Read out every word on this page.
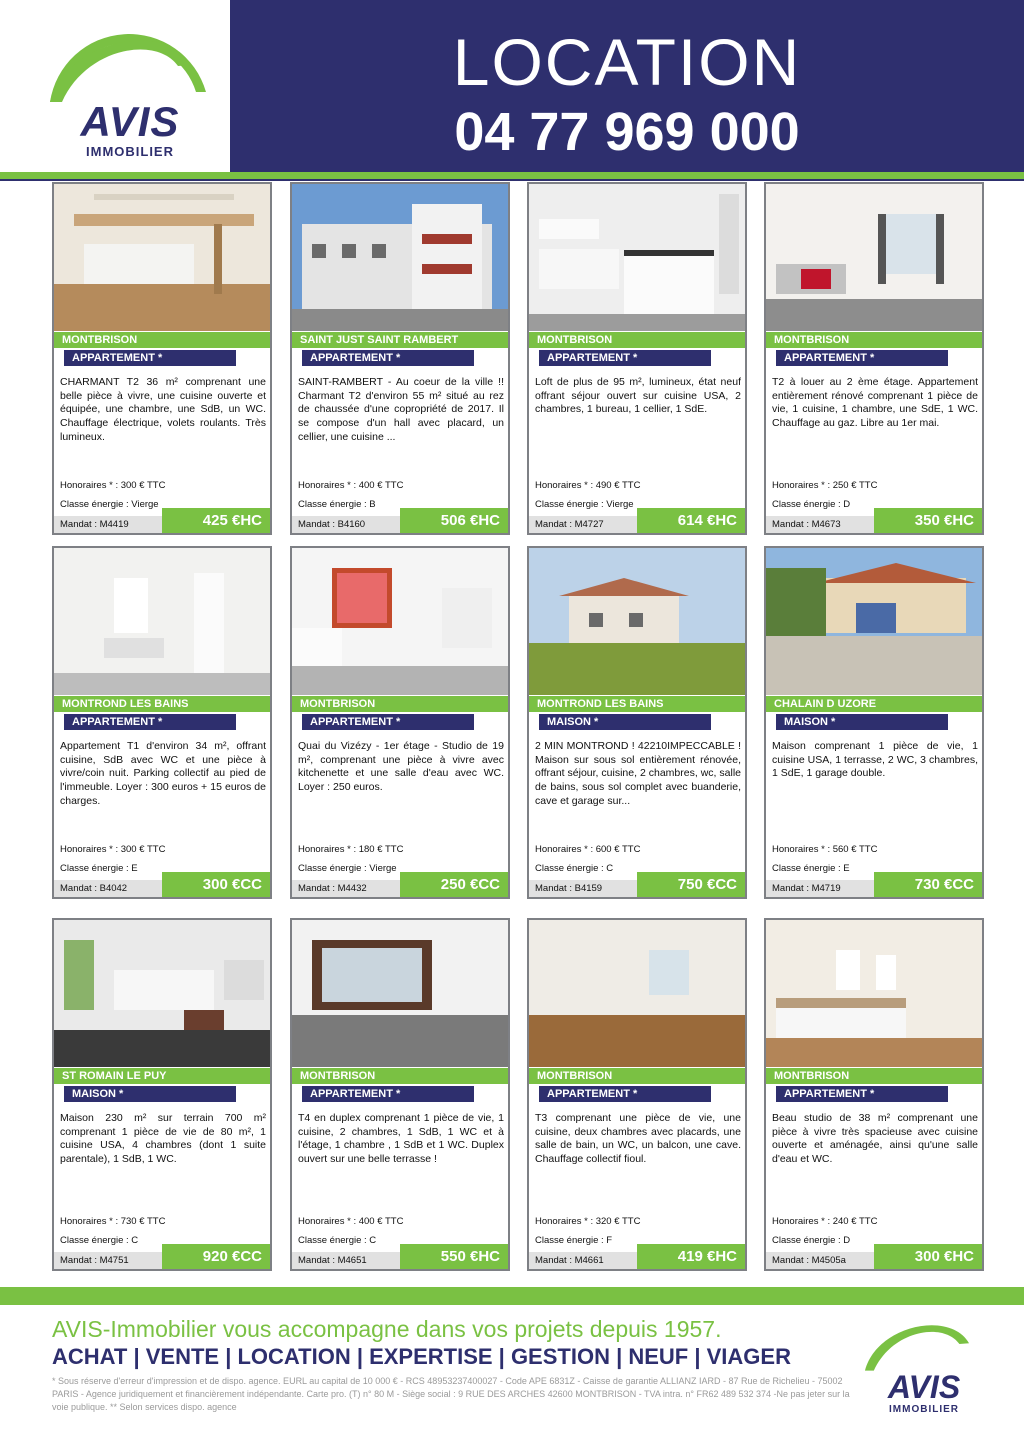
AVIS
IMMOBILIER
LOCATION
04 77 969 000
MONTBRISON
APPARTEMENT *
CHARMANT T2 36 m² comprenant une belle pièce à vivre, une cuisine ouverte et équipée, une chambre, une SdB, un WC. Chauffage électrique, volets roulants. Très lumineux.
Honoraires * : 300 € TTC
Classe énergie : Vierge
Mandat : M4419	425 €HC
SAINT JUST SAINT RAMBERT
APPARTEMENT *
SAINT-RAMBERT - Au coeur de la ville !! Charmant T2 d'environ 55 m² situé au rez de chaussée d'une copropriété de 2017. Il se compose d'un hall avec placard, un cellier, une cuisine ...
Honoraires * : 400 € TTC
Classe énergie : B
Mandat : B4160	506 €HC
MONTBRISON
APPARTEMENT *
Loft de plus de 95 m², lumineux, état neuf offrant séjour ouvert sur cuisine USA, 2 chambres, 1 bureau, 1 cellier, 1 SdE.
Honoraires * : 490 € TTC
Classe énergie : Vierge
Mandat : M4727	614 €HC
MONTBRISON
APPARTEMENT *
T2 à louer au 2 ème étage. Appartement entièrement rénové comprenant 1 pièce de vie, 1 cuisine, 1 chambre, une SdE, 1 WC. Chauffage au gaz. Libre au 1er mai.
Honoraires * : 250 € TTC
Classe énergie : D
Mandat : M4673	350 €HC
MONTROND LES BAINS
APPARTEMENT *
Appartement T1 d'environ 34 m², offrant cuisine, SdB avec WC et une pièce à vivre/coin nuit. Parking collectif au pied de l'immeuble. Loyer : 300 euros + 15 euros de charges.
Honoraires * : 300 € TTC
Classe énergie : E
Mandat : B4042	300 €CC
MONTBRISON
APPARTEMENT *
Quai du Vizézy - 1er étage - Studio de 19 m², comprenant une pièce à vivre avec kitchenette et une salle d'eau avec WC. Loyer : 250 euros.
Honoraires * : 180 € TTC
Classe énergie : Vierge
Mandat : M4432	250 €CC
MONTROND LES BAINS
MAISON *
2 MIN MONTROND ! 42210IMPECCABLE ! Maison sur sous sol entièrement rénovée, offrant séjour, cuisine, 2 chambres, wc, salle de bains, sous sol complet avec buanderie, cave et garage sur...
Honoraires * : 600 € TTC
Classe énergie : C
Mandat : B4159	750 €CC
CHALAIN D UZORE
MAISON *
Maison comprenant 1 pièce de vie, 1 cuisine USA, 1 terrasse, 2 WC, 3 chambres, 1 SdE, 1 garage double.
Honoraires * : 560 € TTC
Classe énergie : E
Mandat : M4719	730 €CC
ST ROMAIN LE PUY
MAISON *
Maison 230 m² sur terrain 700 m² comprenant 1 pièce de vie de 80 m², 1 cuisine USA, 4 chambres (dont 1 suite parentale), 1 SdB, 1 WC.
Honoraires * : 730 € TTC
Classe énergie : C
Mandat : M4751	920 €CC
MONTBRISON
APPARTEMENT *
T4 en duplex comprenant 1 pièce de vie, 1 cuisine, 2 chambres, 1 SdB, 1 WC et à l'étage, 1 chambre , 1 SdB et 1 WC. Duplex ouvert sur une belle terrasse !
Honoraires * : 400 € TTC
Classe énergie : C
Mandat : M4651	550 €HC
MONTBRISON
APPARTEMENT *
T3 comprenant une pièce de vie, une cuisine, deux chambres avec placards, une salle de bain, un WC, un balcon, une cave. Chauffage collectif fioul.
Honoraires * : 320 € TTC
Classe énergie : F
Mandat : M4661	419 €HC
MONTBRISON
APPARTEMENT *
Beau studio de 38 m² comprenant une pièce à vivre très spacieuse avec cuisine ouverte et aménagée, ainsi qu'une salle d'eau et WC.
Honoraires * : 240 € TTC
Classe énergie : D
Mandat : M4505a	300 €HC
AVIS-Immobilier vous accompagne dans vos projets depuis 1957.
ACHAT | VENTE | LOCATION | EXPERTISE | GESTION | NEUF | VIAGER
* Sous réserve d'erreur d'impression et de dispo. agence. EURL au capital de 10 000 € - RCS 48953237400027 - Code APE 6831Z - Caisse de garantie ALLIANZ IARD - 87 Rue de Richelieu - 75002 PARIS - Agence juridiquement et financièrement indépendante. Carte pro. (T) n° 80 M - Siège social : 9 RUE DES ARCHES 42600 MONTBRISON - TVA intra. n° FR62 489 532 374 -Ne pas jeter sur la voie publique. ** Selon services dispo. agence
AVIS
IMMOBILIER
